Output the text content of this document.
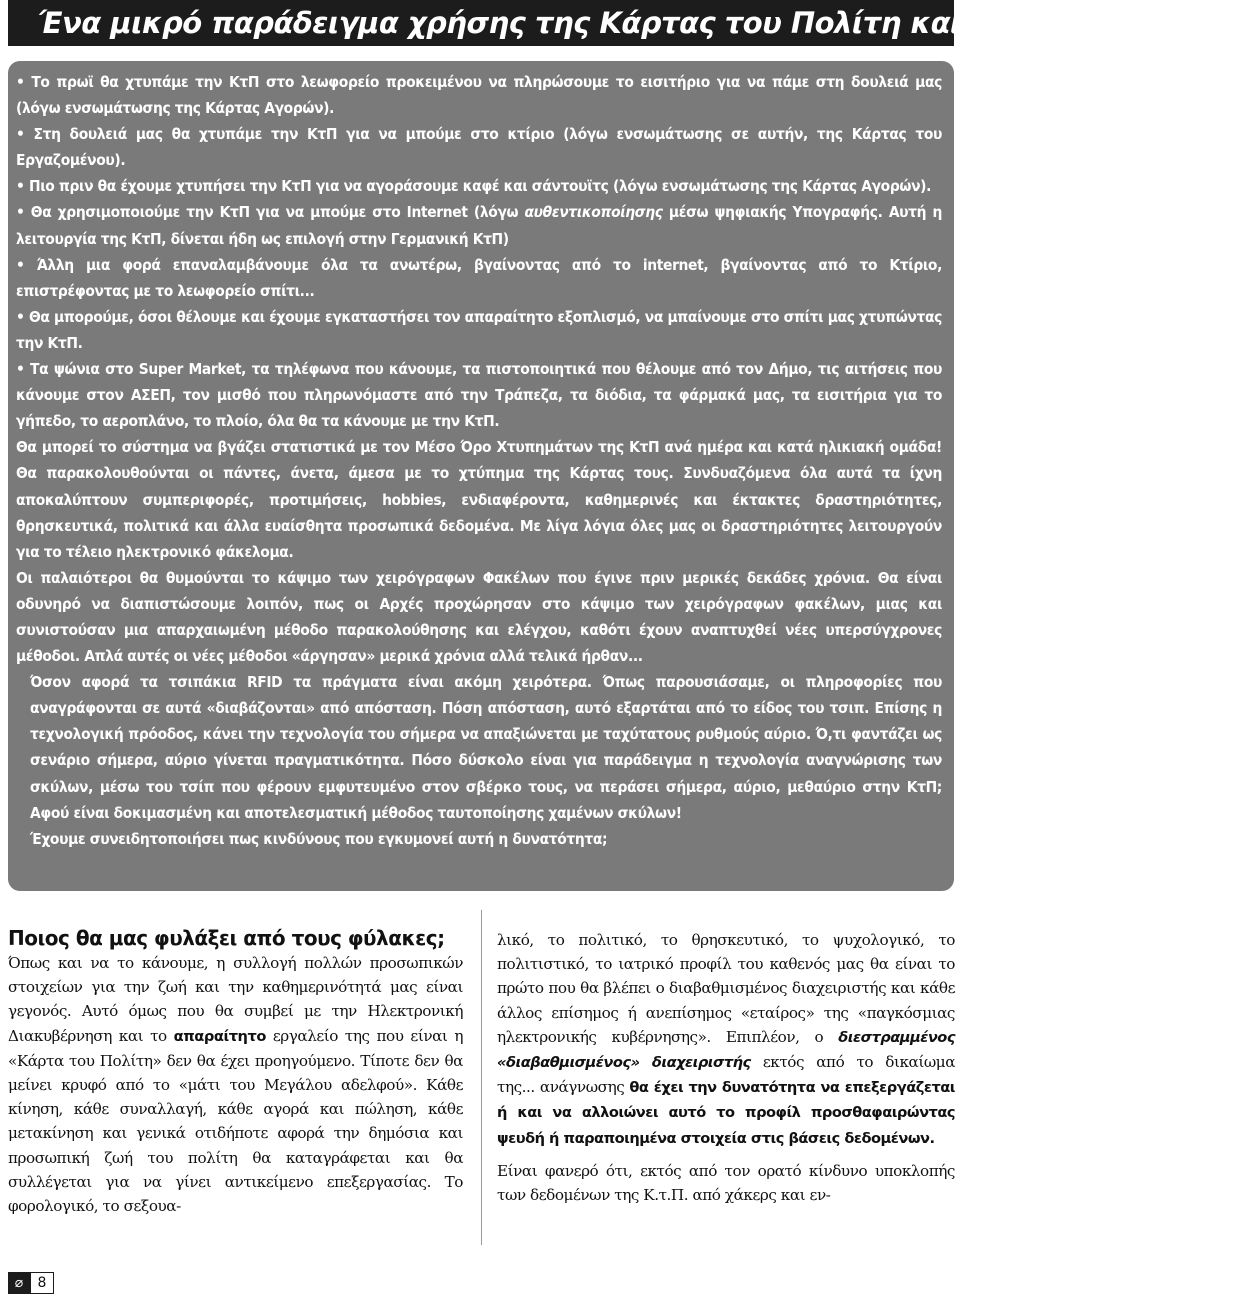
Ένα μικρό παράδειγμα χρήσης της Κάρτας του Πολίτη και οι συνέπειες της…

• Το πρωϊ θα χτυπάμε την ΚτΠ στο λεωφορείο προκειμένου να πληρώσουμε το εισιτήριο για να πάμε στη δουλειά μας (λόγω ενσωμάτωσης της Κάρτας Αγορών).

• Στη δουλειά μας θα χτυπάμε την ΚτΠ για να μπούμε στο κτίριο (λόγω ενσωμάτωσης σε αυτήν, της Κάρτας του Εργαζομένου).

• Πιο πριν θα έχουμε χτυπήσει την ΚτΠ για να αγοράσουμε καφέ και σάντουϊτς (λόγω ενσωμάτωσης της Κάρτας Αγορών).

• Θα χρησιμοποιούμε την ΚτΠ για να μπούμε στο Internet (λόγω αυθεντικοποίησης μέσω ψηφιακής Υπογραφής. Αυτή η λειτουργία της ΚτΠ, δίνεται ήδη ως επιλογή στην Γερμανική ΚτΠ)

• Άλλη μια φορά επαναλαμβάνουμε όλα τα ανωτέρω, βγαίνοντας από το internet, βγαίνοντας από το Κτίριο, επιστρέφοντας με το λεωφορείο σπίτι...

• Θα μπορούμε, όσοι θέλουμε και έχουμε εγκαταστήσει τον απαραίτητο εξοπλισμό, να μπαίνουμε στο σπίτι μας χτυπώντας την ΚτΠ.

• Τα ψώνια στο Super Market, τα τηλέφωνα που κάνουμε, τα πιστοποιητικά που θέλουμε από τον Δήμο, τις αιτήσεις που κάνουμε στον ΑΣΕΠ, τον μισθό που πληρωνόμαστε από την Τράπεζα, τα διόδια, τα φάρμακά μας, τα εισιτήρια για το γήπεδο, το αεροπλάνο, το πλοίο, όλα θα τα κάνουμε με την ΚτΠ.

Θα μπορεί το σύστημα να βγάζει στατιστικά με τον Μέσο Όρο Χτυπημάτων της ΚτΠ ανά ημέρα και κατά ηλικιακή ομάδα! Θα παρακολουθούνται οι πάντες, άνετα, άμεσα με το χτύπημα της Κάρτας τους. Συνδυαζόμενα όλα αυτά τα ίχνη αποκαλύπτουν συμπεριφορές, προτιμήσεις, hobbies, ενδιαφέροντα, καθημερινές και έκτακτες δραστηριότητες, θρησκευτικά, πολιτικά και άλλα ευαίσθητα προσωπικά δεδομένα. Με λίγα λόγια όλες μας οι δραστηριότητες λειτουργούν για το τέλειο ηλεκτρονικό φάκελομα.

Οι παλαιότεροι θα θυμούνται το κάψιμο των χειρόγραφων Φακέλων που έγινε πριν μερικές δεκάδες χρόνια. Θα είναι οδυνηρό να διαπιστώσουμε λοιπόν, πως οι Αρχές προχώρησαν στο κάψιμο των χειρόγραφων φακέλων, μιας και συνιστούσαν μια απαρχαιωμένη μέθοδο παρακολούθησης και ελέγχου, καθότι έχουν αναπτυχθεί νέες υπερσύγχρονες μέθοδοι. Απλά αυτές οι νέες μέθοδοι «άργησαν» μερικά χρόνια αλλά τελικά ήρθαν...

Όσον αφορά τα τσιπάκια RFID τα πράγματα είναι ακόμη χειρότερα. Όπως παρουσιάσαμε, οι πληροφορίες που αναγράφονται σε αυτά «διαβάζονται» από απόσταση. Πόση απόσταση, αυτό εξαρτάται από το είδος του τσιπ. Επίσης η τεχνολογική πρόοδος, κάνει την τεχνολογία του σήμερα να απαξιώνεται με ταχύτατους ρυθμούς αύριο. Ό,τι φαντάζει ως σενάριο σήμερα, αύριο γίνεται πραγματικότητα. Πόσο δύσκολο είναι για παράδειγμα η τεχνολογία αναγνώρισης των σκύλων, μέσω του τσίπ που φέρουν εμφυτευμένο στον σβέρκο τους, να περάσει σήμερα, αύριο, μεθαύριο στην ΚτΠ; Αφού είναι δοκιμασμένη και αποτελεσματική μέθοδος ταυτοποίησης χαμένων σκύλων!

Έχουμε συνειδητοποιήσει πως κινδύνους που εγκυμονεί αυτή η δυνατότητα;

Ποιος θα μας φυλάξει από τους φύλακες;

Όπως και να το κάνουμε, η συλλογή πολλών προσωπικών στοιχείων για την ζωή και την καθημερινότητά μας είναι γεγονός. Αυτό όμως που θα συμβεί με την Ηλεκτρονική Διακυβέρνηση και το απαραίτητο εργαλείο της που είναι η «Κάρτα του Πολίτη» δεν θα έχει προηγούμενο. Τίποτε δεν θα μείνει κρυφό από το «μάτι του Μεγάλου αδελφού». Κάθε κίνηση, κάθε συναλλαγή, κάθε αγορά και πώληση, κάθε μετακίνηση και γενικά οτιδήποτε αφορά την δημόσια και προσωπική ζωή του πολίτη θα καταγράφεται και θα συλλέγεται για να γίνει αντικείμενο επεξεργασίας. Το φορολογικό, το σεξουα-

λικό, το πολιτικό, το θρησκευτικό, το ψυχολογικό, το πολιτιστικό, το ιατρικό προφίλ του καθενός μας θα είναι το πρώτο που θα βλέπει ο διαβαθμισμένος διαχειριστής και κάθε άλλος επίσημος ή ανεπίσημος «εταίρος» της «παγκόσμιας ηλεκτρονικής κυβέρνησης». Επιπλέον, ο διεστραμμένος «διαβαθμισμένος» διαχειριστής εκτός από το δικαίωμα της... ανάγνωσης θα έχει την δυνατότητα να επεξεργάζεται ή και να αλλοιώνει αυτό το προφίλ προσθαφαιρώντας ψευδή ή παραποιημένα στοιχεία στις βάσεις δεδομένων.

Είναι φανερό ότι, εκτός από τον ορατό κίνδυνο υποκλοπής των δεδομένων της Κ.τ.Π. από χάκερς και εν-

⌀	8
